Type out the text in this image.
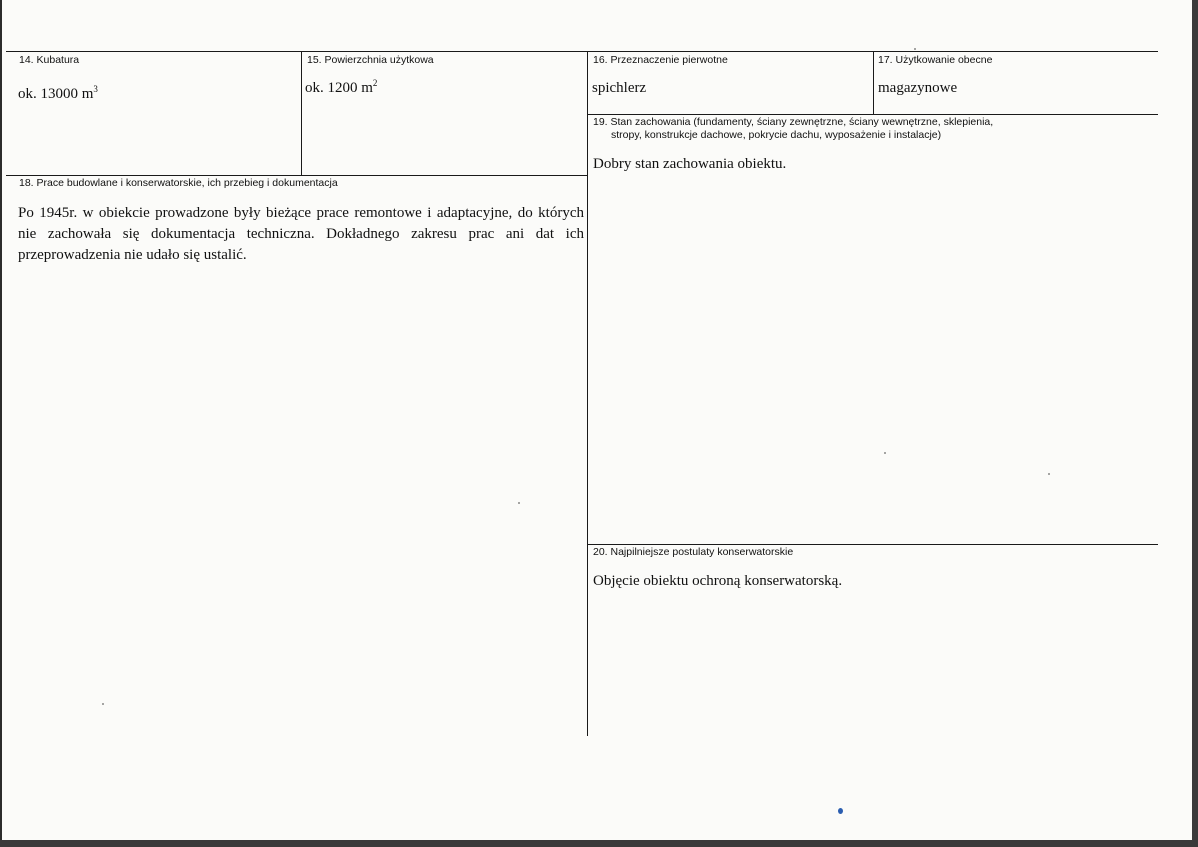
14. Kubatura
ok. 13000 $m^3$
15. Powierzchnia użytkowa
ok. 1200 $m^2$
16. Przeznaczenie pierwotne
spichlerz
17. Użytkowanie obecne
magazynowe
19. Stan zachowania (fundamenty, ściany zewnętrzne, ściany wewnętrzne, sklepienia,
stropy, konstrukcje dachowe, pokrycie dachu, wyposażenie i instalacje)
Dobry stan zachowania obiektu.
18. Prace budowlane i konserwatorskie, ich przebieg i dokumentacja
Po 1945r. w obiekcie prowadzone były bieżące prace remontowe i adaptacyjne, do których nie zachowała się dokumentacja techniczna. Dokładnego zakresu prac ani dat ich przeprowadzenia nie udało się ustalić.
20. Najpilniejsze postulaty konserwatorskie
Objęcie obiektu ochroną konserwatorską.
